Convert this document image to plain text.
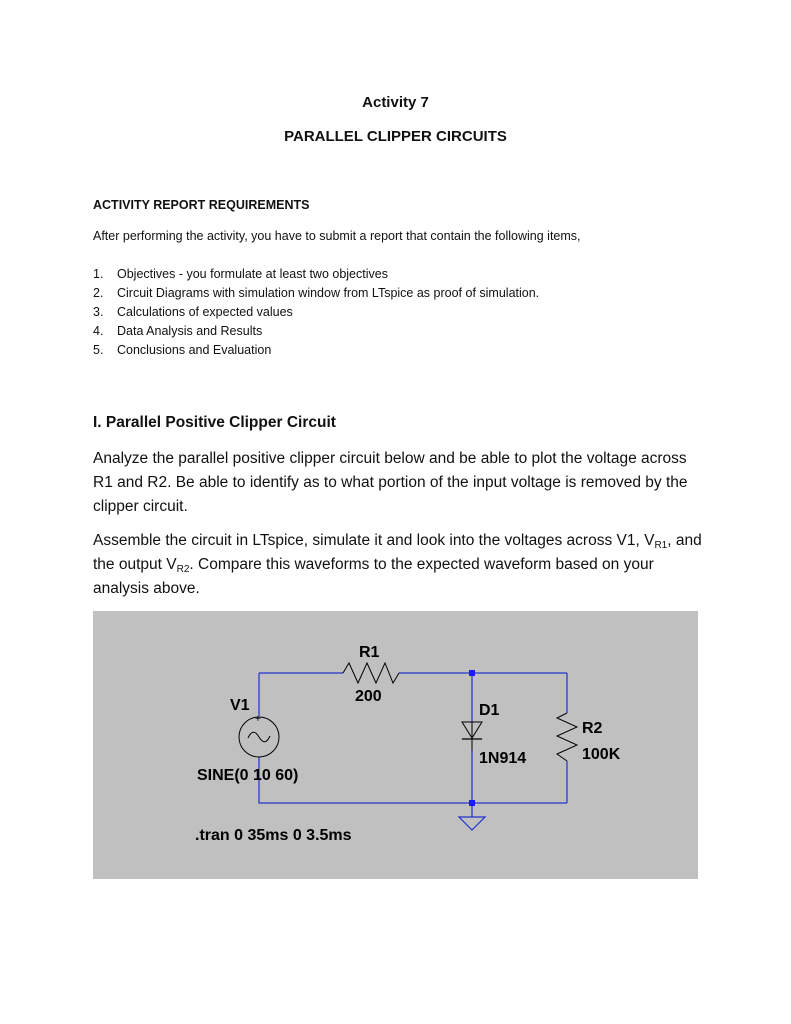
Activity 7
PARALLEL CLIPPER CIRCUITS
ACTIVITY REPORT REQUIREMENTS
After performing the activity, you have to submit a report that contain the following items,
1. Objectives - you formulate at least two objectives
2. Circuit Diagrams with simulation window from LTspice as proof of simulation.
3. Calculations of expected values
4. Data Analysis and Results
5. Conclusions and Evaluation
I. Parallel Positive Clipper Circuit
Analyze the parallel positive clipper circuit below and be able to plot the voltage across R1 and R2. Be able to identify as to what portion of the input voltage is removed by the clipper circuit.
Assemble the circuit in LTspice, simulate it and look into the voltages across V1, $V_{R1}$, and the output $V_{R2}$. Compare this waveforms to the expected waveform based on your analysis above.
+
R1
200
V1
SINE(0 10 60)
D1
1N914
R2
100K
.tran 0 35ms 0 3.5ms
